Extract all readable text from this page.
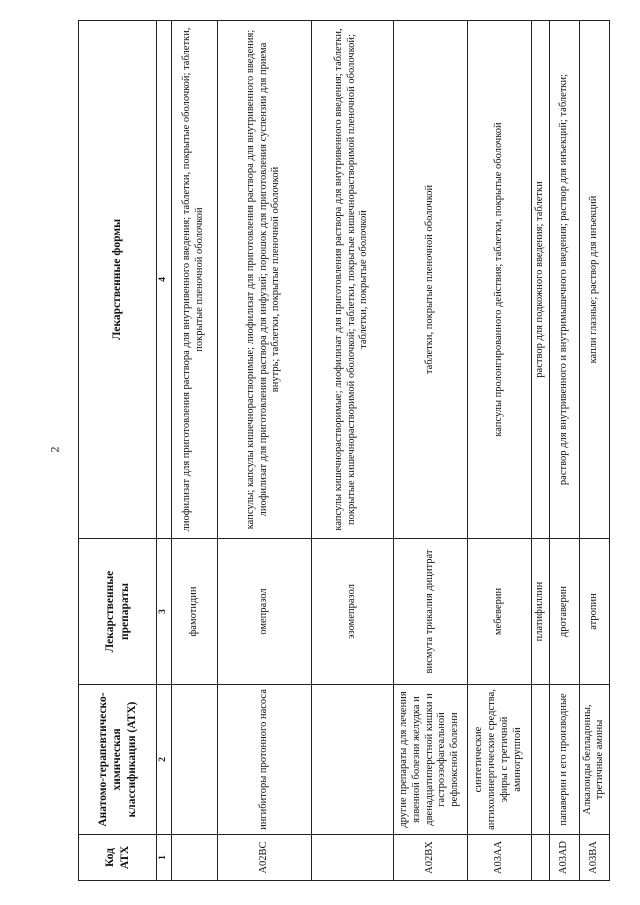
2
Код АТХ	Анатомо-терапевтическо-химическая классификация (АТХ)	Лекарственные препараты	Лекарственные формы
1	2	3	4
		фамотидин	лиофилизат для приготовления раствора для внутривенного введения; таблетки, покрытые оболочкой; таблетки, покрытые пленочной оболочкой
A02BC	ингибиторы протонного насоса	омепразол	капсулы; капсулы кишечнорастворимые; лиофилизат для приготовления раствора для внутривенного введения; лиофилизат для приготовления раствора для инфузий; порошок для приготовления суспензии для приема внутрь; таблетки, покрытые пленочной оболочкой
		эзомепразол	капсулы кишечнорастворимые; лиофилизат для приготовления раствора для внутривенного введения; таблетки, покрытые кишечнорастворимой оболочкой; таблетки, покрытые кишечнорастворимой пленочной оболочкой; таблетки, покрытые оболочкой
A02BX	другие препараты для лечения язвенной болезни желудка и двенадцатиперстной кишки и гастроэзофагеальной рефлюксной болезни	висмута трикалия дицитрат	таблетки, покрытые пленочной оболочкой
A03AA	синтетические антихолинергические средства, эфиры с третичной аминогруппой	мебеверин	капсулы пролонгированного действия; таблетки, покрытые оболочкой
		платифиллин	раствор для подкожного введения; таблетки
A03AD	папаверин и его производные	дротаверин	раствор для внутривенного и внутримышечного введения; раствор для инъекций; таблетки;
A03BA	Алкалоиды белладонны, третичные амины	атропин	капли глазные; раствор для инъекций
